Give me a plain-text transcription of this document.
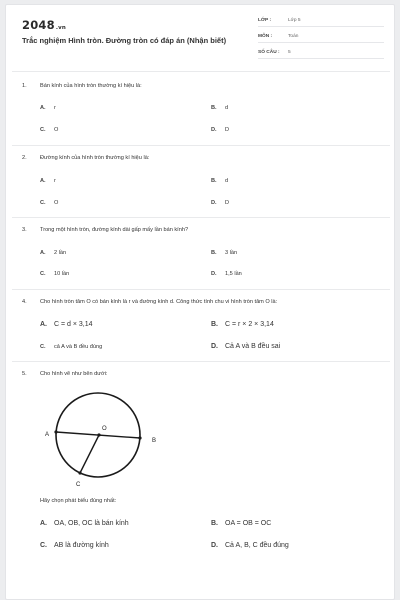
2048.vn
Trắc nghiệm Hình tròn. Đường tròn có đáp án (Nhận biết)
LỚP :	Lớp 5
MÔN :	Toán
SỐ CÂU : 5
1. Bán kính của hình tròn thường kí hiệu là:
A. r	B. d
C. O	D. D
2. Đường kính của hình tròn thường kí hiệu là:
A. r	B. d
C. O	D. D
3. Trong một hình tròn, đường kính dài gấp mấy lần bán kính?
A. 2 lần	B. 3 lần
C. 10 lần	D. 1,5 lần
4. Cho hình tròn tâm O có bán kính là r và đường kính d. Công thức tính chu vi hình tròn tâm O là:
A. C = d × 3,14	B. C = r × 2 × 3,14
C. cả A và B đều đúng	D. Cả A và B đều sai
5. Cho hình vẽ như bên dưới:
A
B
O
C
Hãy chọn phát biểu đúng nhất:
A. OA, OB, OC là bán kính	B. OA = OB = OC
C. AB là đường kính	D. Cả A, B, C đều đúng
